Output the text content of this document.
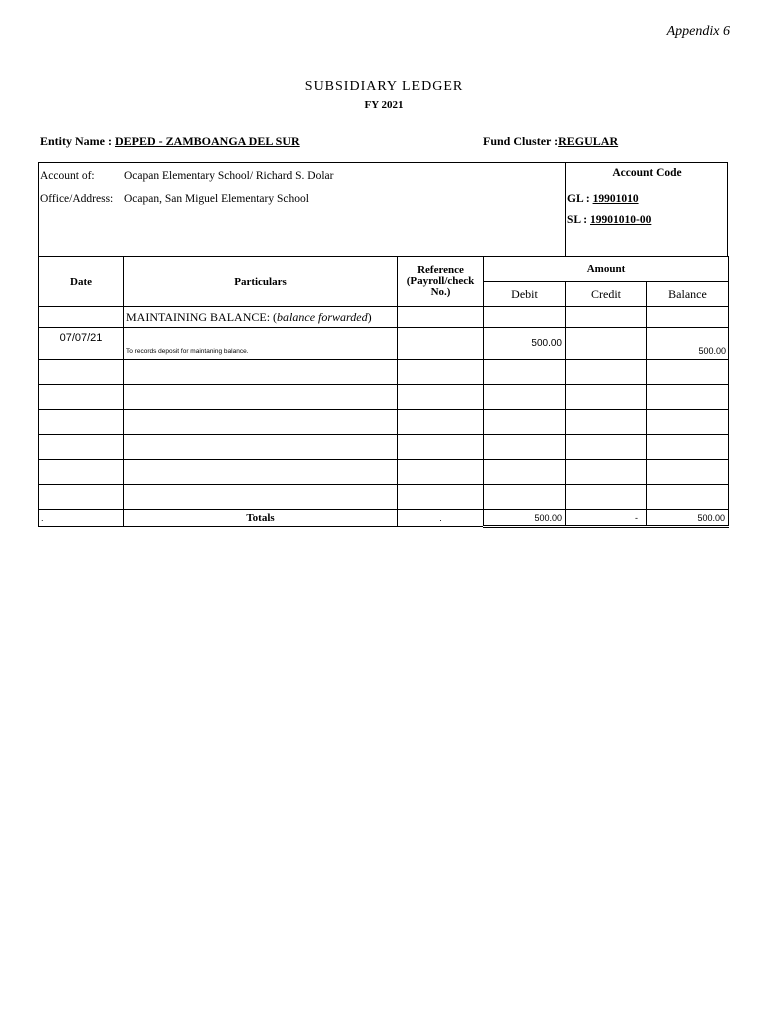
Appendix 6
SUBSIDIARY LEDGER
FY 2021
Entity Name : DEPED - ZAMBOANGA DEL SUR	Fund Cluster :REGULAR
Account of:	Ocapan Elementary School/ Richard S. Dolar
Office/Address: Ocapan, San Miguel Elementary School
Account Code
GL : 19901010
SL : 19901010-00
Date	Particulars	Reference (Payroll/check No.)	Amount		
			Debit	Credit	Balance
	MAINTAINING BALANCE: (balance forwarded)				
07/07/21	To records deposit for maintaning balance.		500.00		500.00

.	Totals	.	500.00	-	500.00
